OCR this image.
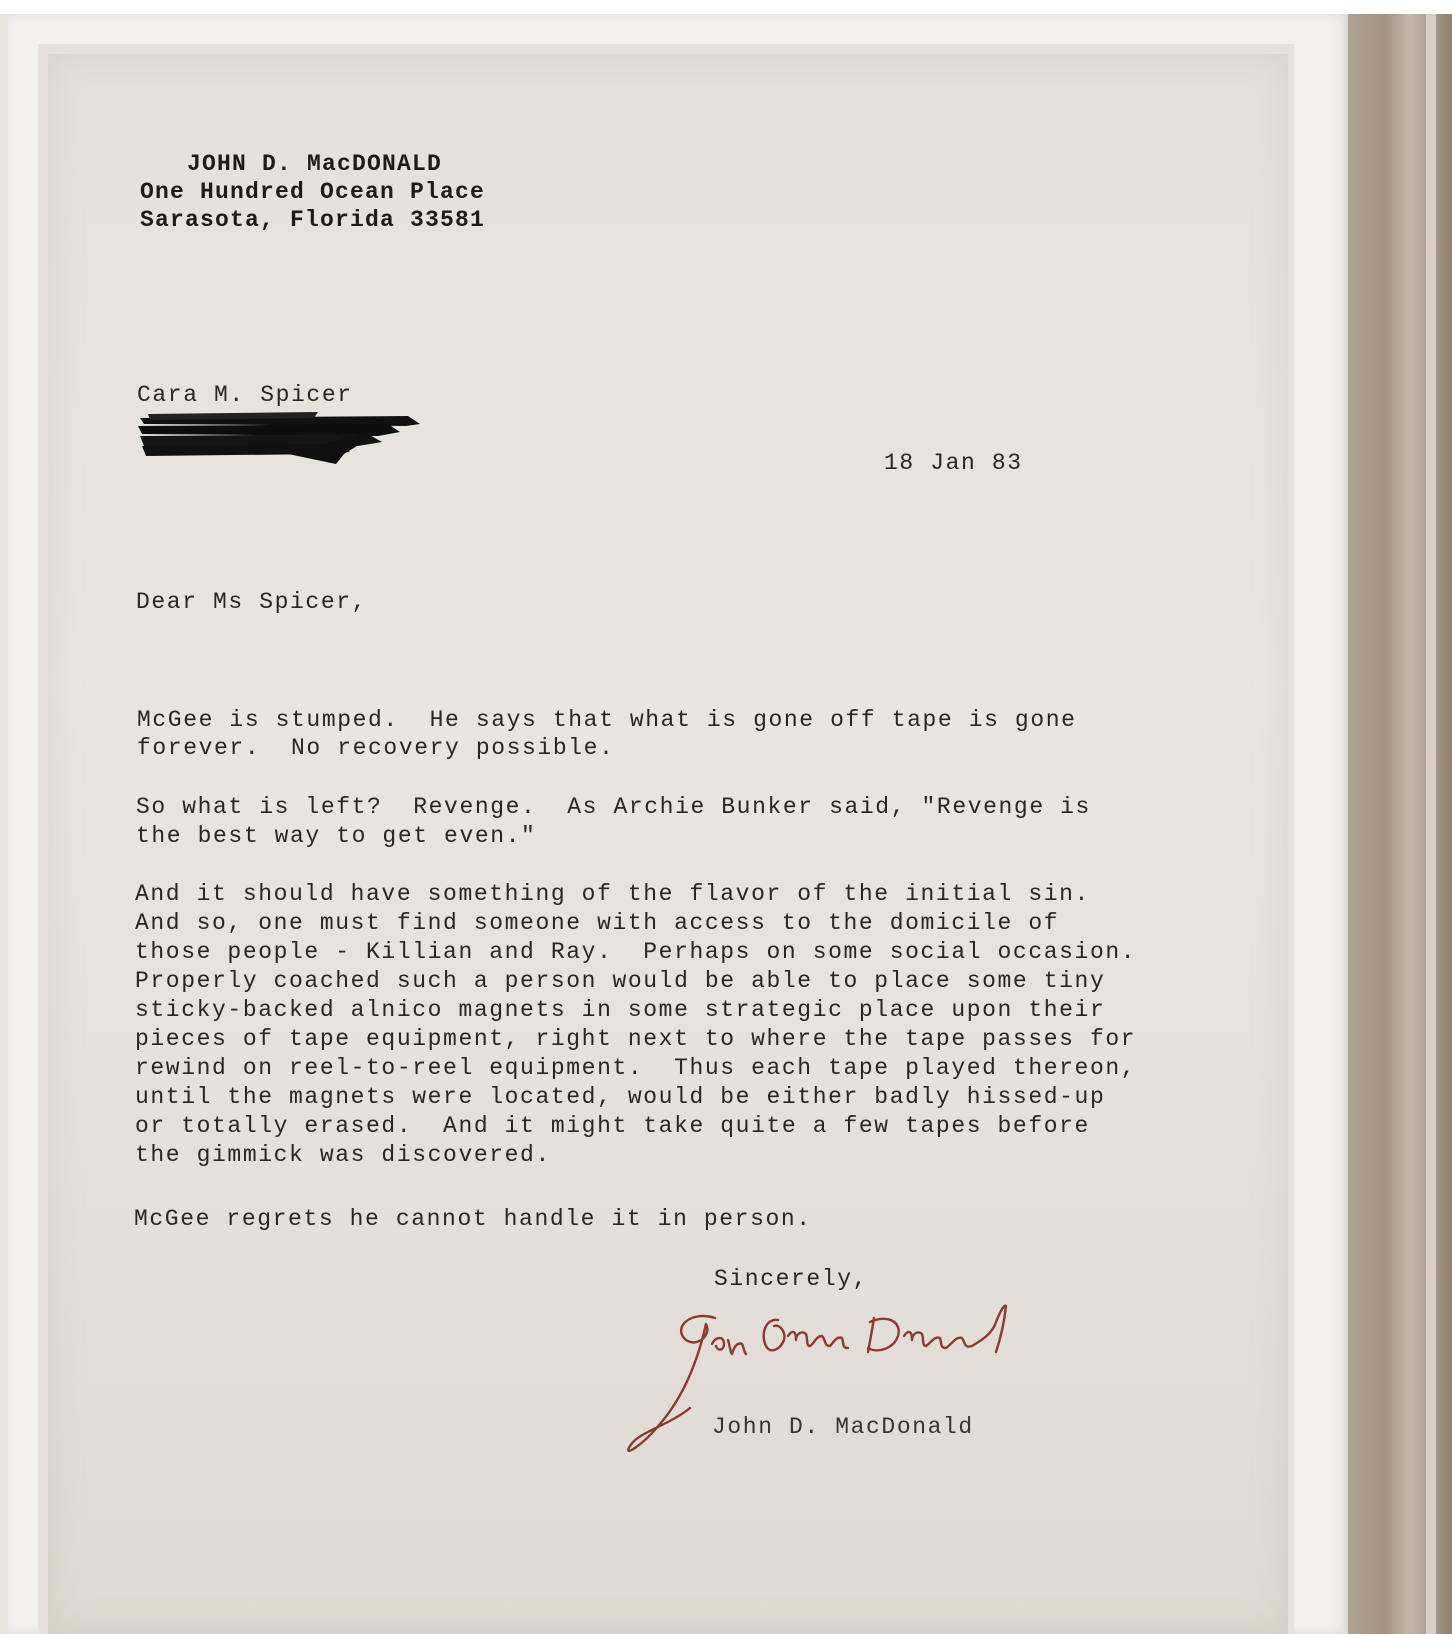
JOHN D. MacDONALD
One Hundred Ocean Place
Sarasota, Florida 33581
Cara M. Spicer
18 Jan 83
Dear Ms Spicer,
McGee is stumped.  He says that what is gone off tape is gone
forever.  No recovery possible.
So what is left?  Revenge.  As Archie Bunker said, "Revenge is
the best way to get even."
And it should have something of the flavor of the initial sin.
And so, one must find someone with access to the domicile of
those people - Killian and Ray.  Perhaps on some social occasion.
Properly coached such a person would be able to place some tiny
sticky-backed alnico magnets in some strategic place upon their
pieces of tape equipment, right next to where the tape passes for
rewind on reel-to-reel equipment.  Thus each tape played thereon,
until the magnets were located, would be either badly hissed-up
or totally erased.  And it might take quite a few tapes before
the gimmick was discovered.
McGee regrets he cannot handle it in person.
Sincerely,
John D. MacDonald
